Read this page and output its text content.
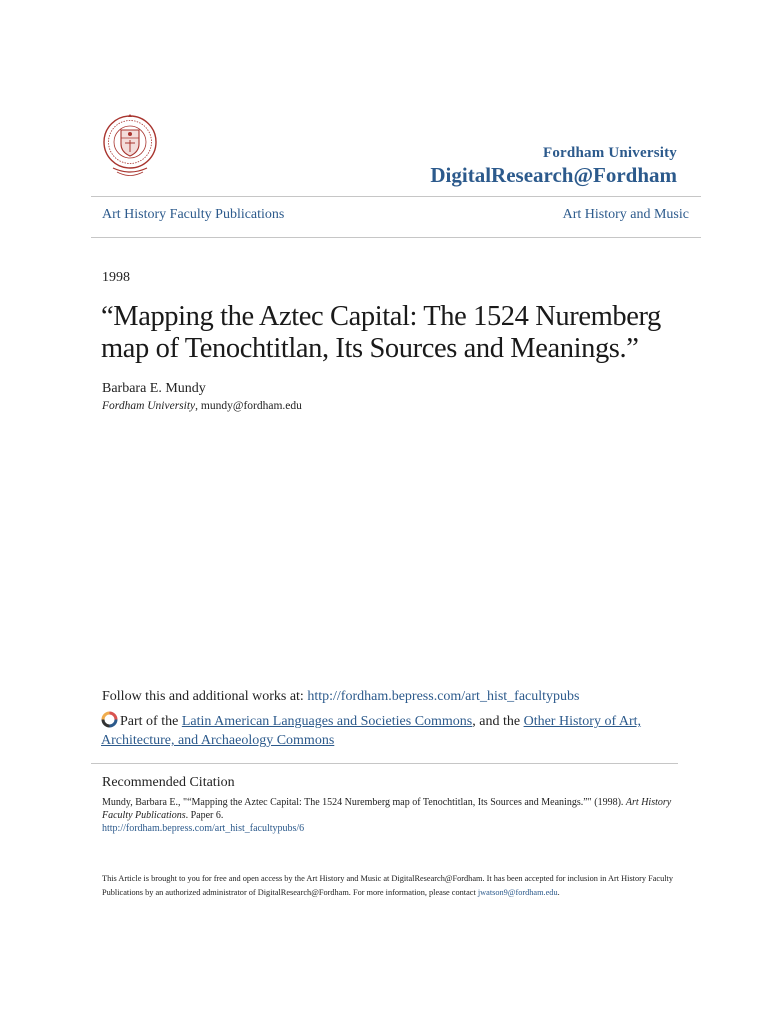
Fordham University
DigitalResearch@Fordham
Art History Faculty Publications	Art History and Music
1998
“Mapping the Aztec Capital: The 1524 Nuremberg
map of Tenochtitlan, Its Sources and Meanings.”
Barbara E. Mundy
Fordham University, mundy@fordham.edu
Follow this and additional works at: http://fordham.bepress.com/art_hist_facultypubs
Part of the Latin American Languages and Societies Commons, and the Other History of Art, Architecture, and Archaeology Commons
Recommended Citation
Mundy, Barbara E., "“Mapping the Aztec Capital: The 1524 Nuremberg map of Tenochtitlan, Its Sources and Meanings.”" (1998). Art History Faculty Publications. Paper 6.
http://fordham.bepress.com/art_hist_facultypubs/6
This Article is brought to you for free and open access by the Art History and Music at DigitalResearch@Fordham. It has been accepted for inclusion in Art History Faculty Publications by an authorized administrator of DigitalResearch@Fordham. For more information, please contact jwatson9@fordham.edu.
